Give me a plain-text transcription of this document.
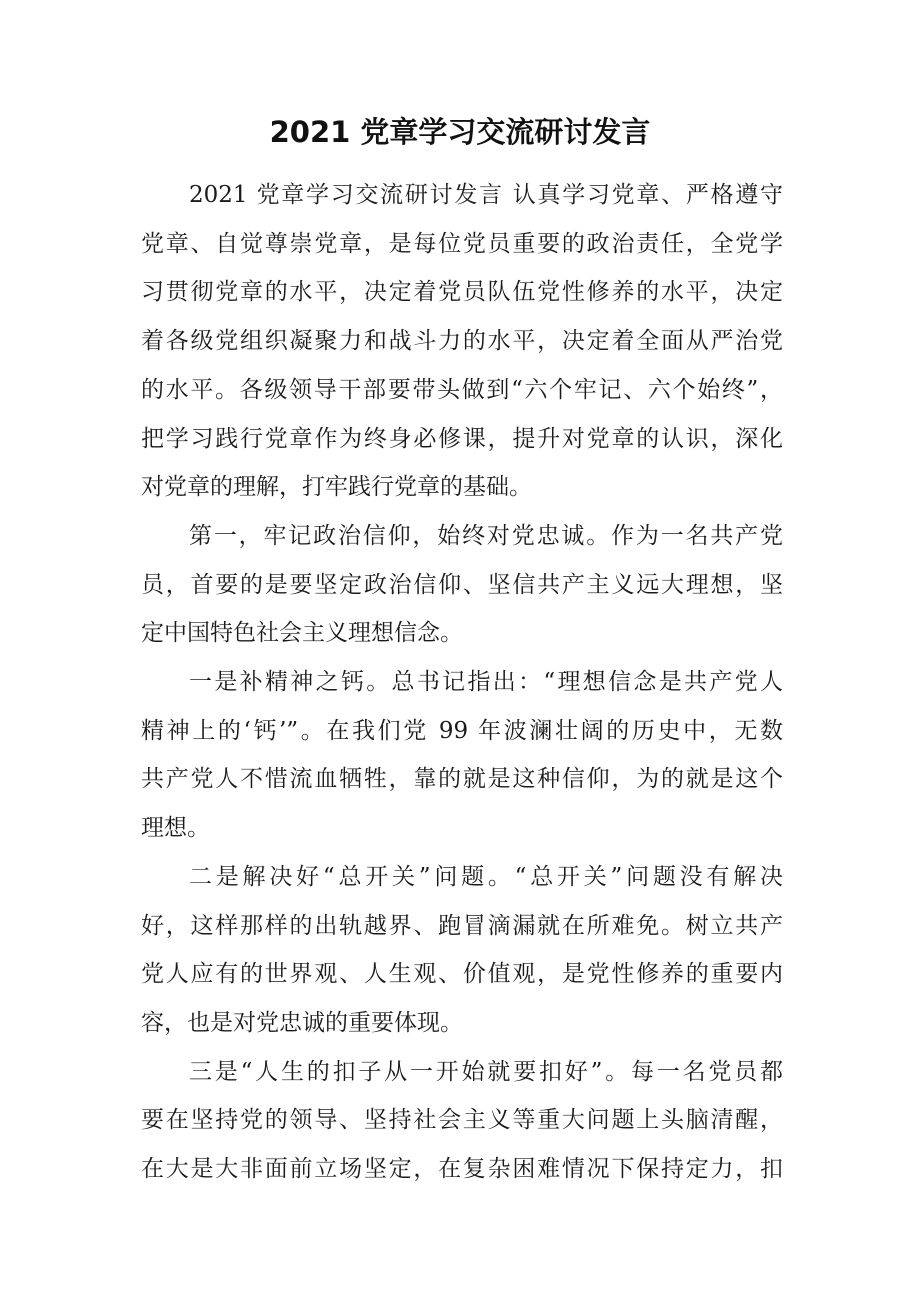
2021 党章学习交流研讨发言

2021 党章学习交流研讨发言 认真学习党章、严格遵守
党章、自觉尊崇党章，是每位党员重要的政治责任，全党学
习贯彻党章的水平，决定着党员队伍党性修养的水平，决定
着各级党组织凝聚力和战斗力的水平，决定着全面从严治党
的水平。各级领导干部要带头做到“六个牢记、六个始终”，
把学习践行党章作为终身必修课，提升对党章的认识，深化
对党章的理解，打牢践行党章的基础。

第一，牢记政治信仰，始终对党忠诚。作为一名共产党
员，首要的是要坚定政治信仰、坚信共产主义远大理想，坚
定中国特色社会主义理想信念。

一是补精神之钙。总书记指出：“理想信念是共产党人
精神上的‘钙’”。在我们党 99 年波澜壮阔的历史中，无数
共产党人不惜流血牺牲，靠的就是这种信仰，为的就是这个
理想。

二是解决好“总开关”问题。“总开关”问题没有解决
好，这样那样的出轨越界、跑冒滴漏就在所难免。树立共产
党人应有的世界观、人生观、价值观，是党性修养的重要内
容，也是对党忠诚的重要体现。

三是“人生的扣子从一开始就要扣好”。每一名党员都
要在坚持党的领导、坚持社会主义等重大问题上头脑清醒，
在大是大非面前立场坚定，在复杂困难情况下保持定力，扣
